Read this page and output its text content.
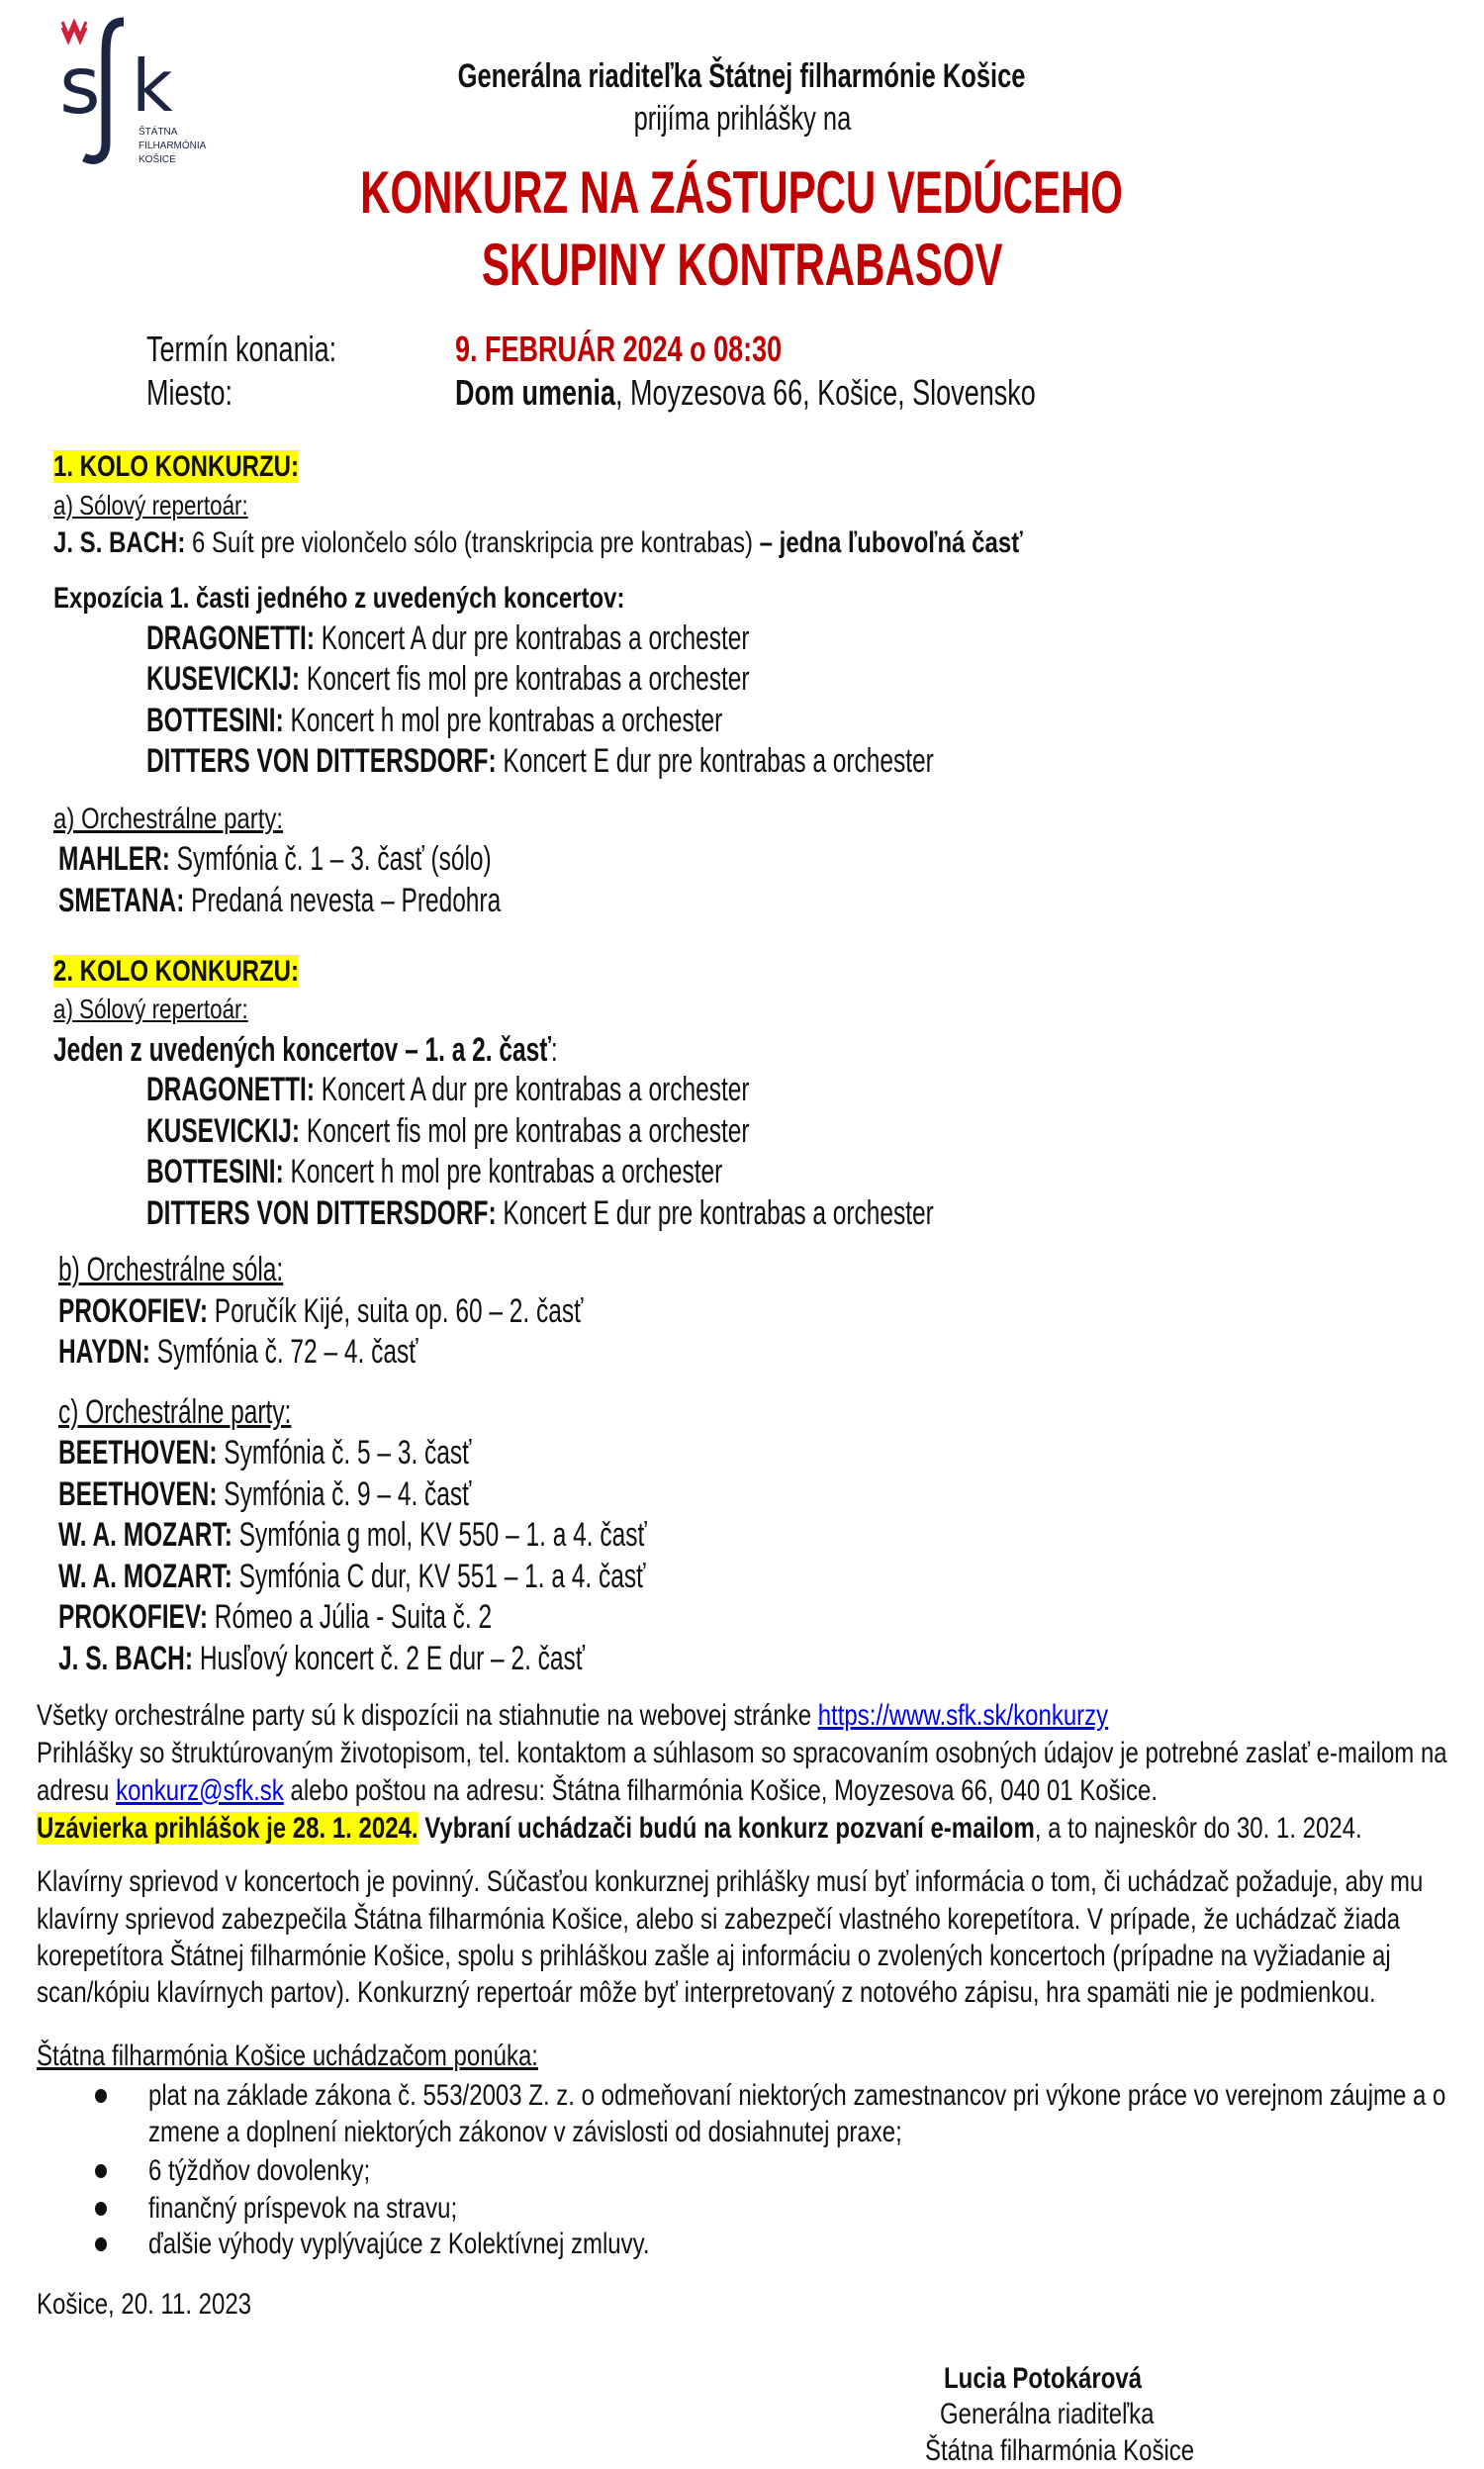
s k
ŠTÁTNA
FILHARMÓNIA
KOŠICE
Generálna riaditeľka Štátnej filharmónie Košice
prijíma prihlášky na
KONKURZ NA ZÁSTUPCU VEDÚCEHO
SKUPINY KONTRABASOV
Termín konania:	9. FEBRUÁR 2024 o 08:30
Miesto:	Dom umenia, Moyzesova 66, Košice, Slovensko
1. KOLO KONKURZU:
a) Sólový repertoár:
J. S. BACH: 6 Suít pre violončelo sólo (transkripcia pre kontrabas) – jedna ľubovoľná časť
Expozícia 1. časti jedného z uvedených koncertov:
DRAGONETTI: Koncert A dur pre kontrabas a orchester
KUSEVICKIJ: Koncert fis mol pre kontrabas a orchester
BOTTESINI: Koncert h mol pre kontrabas a orchester
DITTERS VON DITTERSDORF: Koncert E dur pre kontrabas a orchester
a) Orchestrálne party:
MAHLER: Symfónia č. 1 – 3. časť (sólo)
SMETANA: Predaná nevesta – Predohra
2. KOLO KONKURZU:
a) Sólový repertoár:
Jeden z uvedených koncertov – 1. a 2. časť:
DRAGONETTI: Koncert A dur pre kontrabas a orchester
KUSEVICKIJ: Koncert fis mol pre kontrabas a orchester
BOTTESINI: Koncert h mol pre kontrabas a orchester
DITTERS VON DITTERSDORF: Koncert E dur pre kontrabas a orchester
b) Orchestrálne sóla:
PROKOFIEV: Poručík Kijé, suita op. 60 – 2. časť
HAYDN: Symfónia č. 72 – 4. časť
c) Orchestrálne party:
BEETHOVEN: Symfónia č. 5 – 3. časť
BEETHOVEN: Symfónia č. 9 – 4. časť
W. A. MOZART: Symfónia g mol, KV 550 – 1. a 4. časť
W. A. MOZART: Symfónia C dur, KV 551 – 1. a 4. časť
PROKOFIEV: Rómeo a Júlia - Suita č. 2
J. S. BACH: Husľový koncert č. 2 E dur – 2. časť
Všetky orchestrálne party sú k dispozícii na stiahnutie na webovej stránke https://www.sfk.sk/konkurzy
Prihlášky so štruktúrovaným životopisom, tel. kontaktom a súhlasom so spracovaním osobných údajov je potrebné zaslať e-mailom na
adresu konkurz@sfk.sk alebo poštou na adresu: Štátna filharmónia Košice, Moyzesova 66, 040 01 Košice.
Uzávierka prihlášok je 28. 1. 2024. Vybraní uchádzači budú na konkurz pozvaní e-mailom, a to najneskôr do 30. 1. 2024.
Klavírny sprievod v koncertoch je povinný. Súčasťou konkurznej prihlášky musí byť informácia o tom, či uchádzač požaduje, aby mu
klavírny sprievod zabezpečila Štátna filharmónia Košice, alebo si zabezpečí vlastného korepetítora. V prípade, že uchádzač žiada
korepetítora Štátnej filharmónie Košice, spolu s prihláškou zašle aj informáciu o zvolených koncertoch (prípadne na vyžiadanie aj
scan/kópiu klavírnych partov). Konkurzný repertoár môže byť interpretovaný z notového zápisu, hra spamäti nie je podmienkou.
Štátna filharmónia Košice uchádzačom ponúka:
plat na základe zákona č. 553/2003 Z. z. o odmeňovaní niektorých zamestnancov pri výkone práce vo verejnom záujme a o
zmene a doplnení niektorých zákonov v závislosti od dosiahnutej praxe;
6 týždňov dovolenky;
finančný príspevok na stravu;
ďalšie výhody vyplývajúce z Kolektívnej zmluvy.
Košice, 20. 11. 2023
Lucia Potokárová
Generálna riaditeľka
Štátna filharmónia Košice
